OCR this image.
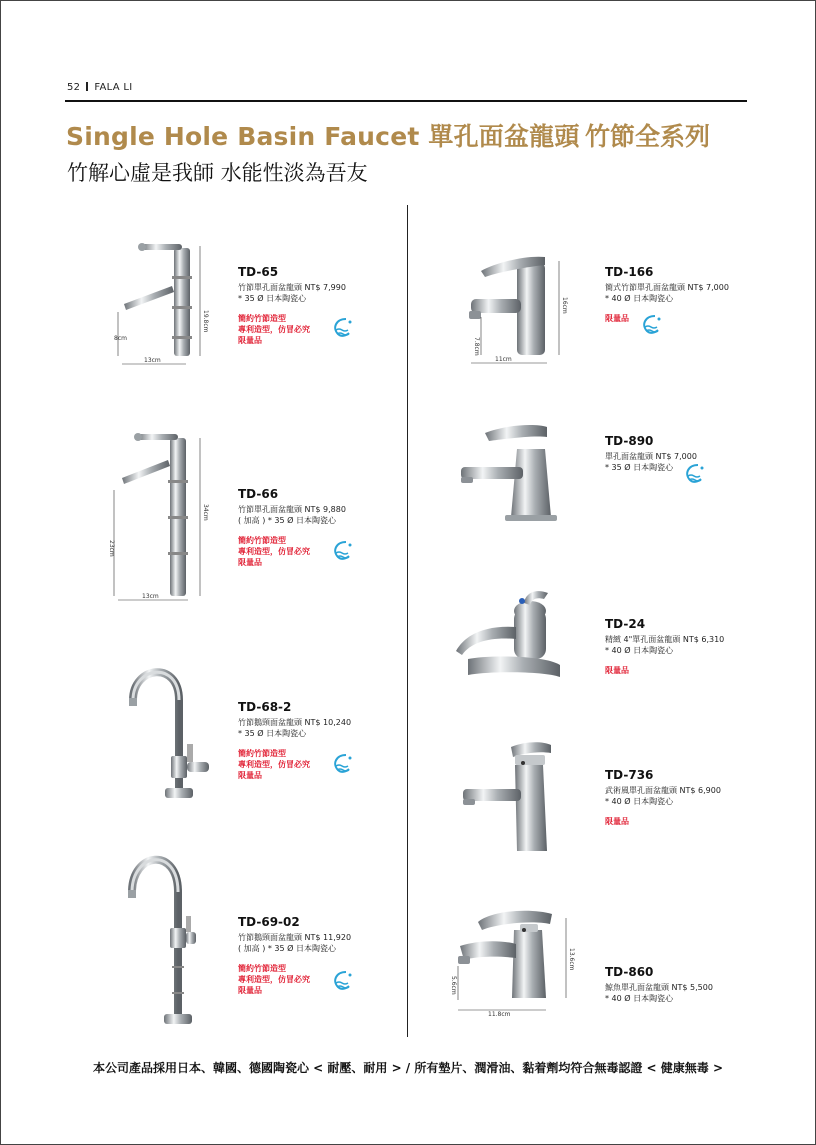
52 FALA LI
Single Hole Basin Faucet 單孔面盆龍頭 竹節全系列
竹解心虛是我師 水能性淡為吾友
19.8cm
13cm
8cm
TD-65
竹節單孔面盆龍頭 NT$ 7,990
* 35 Ø 日本陶瓷心
簡約竹節造型
專利造型，仿冒必究
限量品
34cm
23cm
13cm
TD-66
竹節單孔面盆龍頭 NT$ 9,880
( 加高 ) * 35 Ø 日本陶瓷心
簡約竹節造型
專利造型，仿冒必究
限量品
TD-68-2
竹節鵝頸面盆龍頭 NT$ 10,240
* 35 Ø 日本陶瓷心
簡約竹節造型
專利造型，仿冒必究
限量品
TD-69-02
竹節鵝頸面盆龍頭 NT$ 11,920
( 加高 ) * 35 Ø 日本陶瓷心
簡約竹節造型
專利造型，仿冒必究
限量品
16cm
7.8cm
11cm
TD-166
簡式竹節單孔面盆龍頭 NT$ 7,000
* 40 Ø 日本陶瓷心
限量品
TD-890
單孔面盆龍頭 NT$ 7,000
* 35 Ø 日本陶瓷心
TD-24
精緻 4"單孔面盆龍頭 NT$ 6,310
* 40 Ø 日本陶瓷心
限量品
TD-736
武術風單孔面盆龍頭 NT$ 6,900
* 40 Ø 日本陶瓷心
限量品
13.6cm
5.6cm
11.8cm
TD-860
鯨魚單孔面盆龍頭 NT$ 5,500
* 40 Ø 日本陶瓷心
本公司產品採用日本、韓國、德國陶瓷心 < 耐壓、耐用 > / 所有墊片、潤滑油、黏着劑均符合無毒認證 < 健康無毒 >
